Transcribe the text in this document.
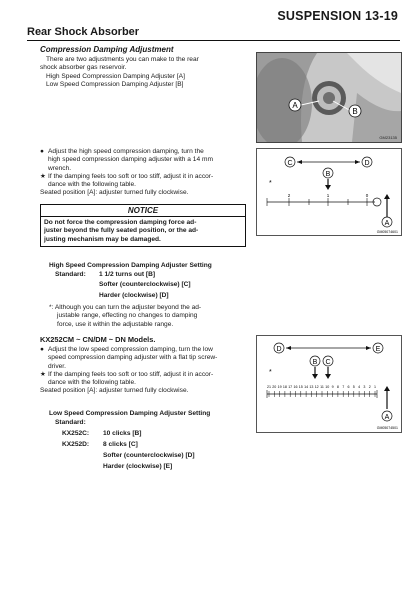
SUSPENSION 13-19
Rear Shock Absorber
Compression Damping Adjustment
There are two adjustments you can make to the rear
shock absorber gas reservoir.
High Speed Compression Damping Adjuster [A]
Low Speed Compression Damping Adjuster [B]
● Adjust the high speed compression damping, turn the
high speed compression damping adjuster with a 14 mm
wrench.
★ If the damping feels too soft or too stiff, adjust it in accor-
dance with the following table.
Seated position [A]: adjuster turned fully clockwise.
NOTICE
Do not force the compression damping force ad-
juster beyond the fully seated position, or the ad-
justing mechanism may be damaged.
High Speed Compression Damping Adjuster Setting
Standard: 1 1/2 turns out [B]
Softer (counterclockwise) [C]
Harder (clockwise) [D]
*: Although you can turn the adjuster beyond the ad-
justable range, effecting no changes to damping
force, use it within the adjustable range.
KX252CM ~ CN/DM ~ DN Models.
● Adjust the low speed compression damping, turn the low
speed compression damping adjuster with a flat tip screw-
driver.
★ If the damping feels too soft or too stiff, adjust it in accor-
dance with the following table.
Seated position [A]: adjuster turned fully clockwise.
Low Speed Compression Damping Adjuster Setting
Standard:
KX252C: 10 clicks [B]
KX252D: 8 clicks [C]
Softer (counterclockwise) [D]
Harder (clockwise) [E]
A
B
GM23135
C	D
B
*
2	1	0
A
GM05074601
D	E
B C
*
21 20 19 18 17 16 15 14 13 12 11 10 9 8 7 6 5 4 3 2 1
A
GM05074501
